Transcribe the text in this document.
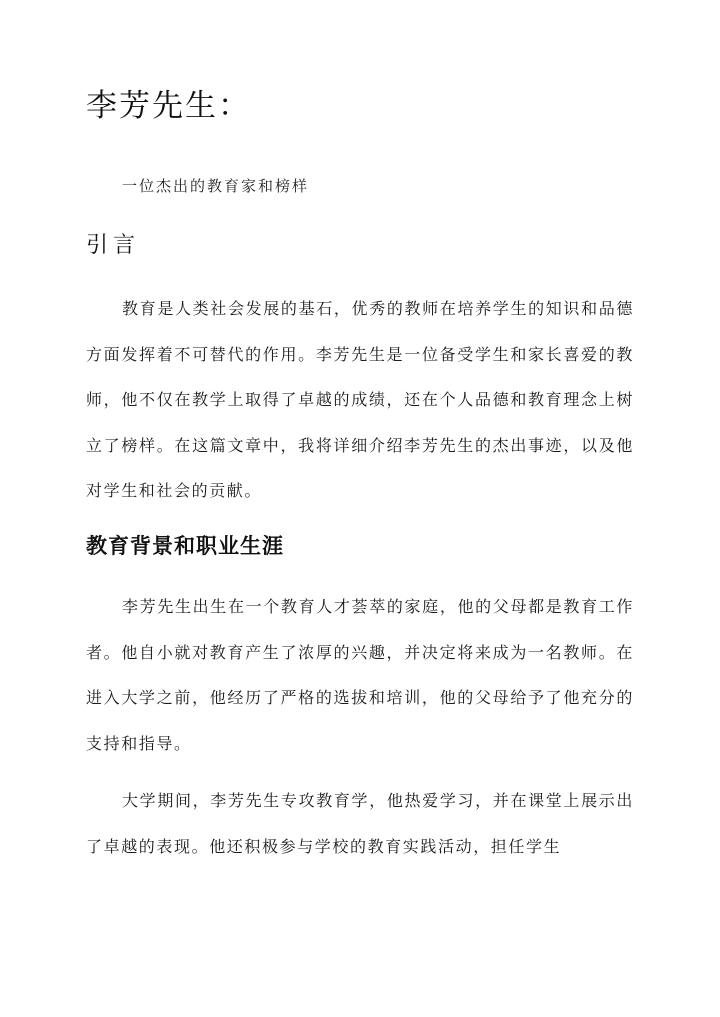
李芳先生：

一位杰出的教育家和榜样

引言

教育是人类社会发展的基石，优秀的教师在培养学生的知识和品德方面发挥着不可替代的作用。李芳先生是一位备受学生和家长喜爱的教师，他不仅在教学上取得了卓越的成绩，还在个人品德和教育理念上树立了榜样。在这篇文章中，我将详细介绍李芳先生的杰出事迹，以及他对学生和社会的贡献。

教育背景和职业生涯

李芳先生出生在一个教育人才荟萃的家庭，他的父母都是教育工作者。他自小就对教育产生了浓厚的兴趣，并决定将来成为一名教师。在进入大学之前，他经历了严格的选拔和培训，他的父母给予了他充分的支持和指导。

大学期间，李芳先生专攻教育学，他热爱学习，并在课堂上展示出了卓越的表现。他还积极参与学校的教育实践活动，担任学生
